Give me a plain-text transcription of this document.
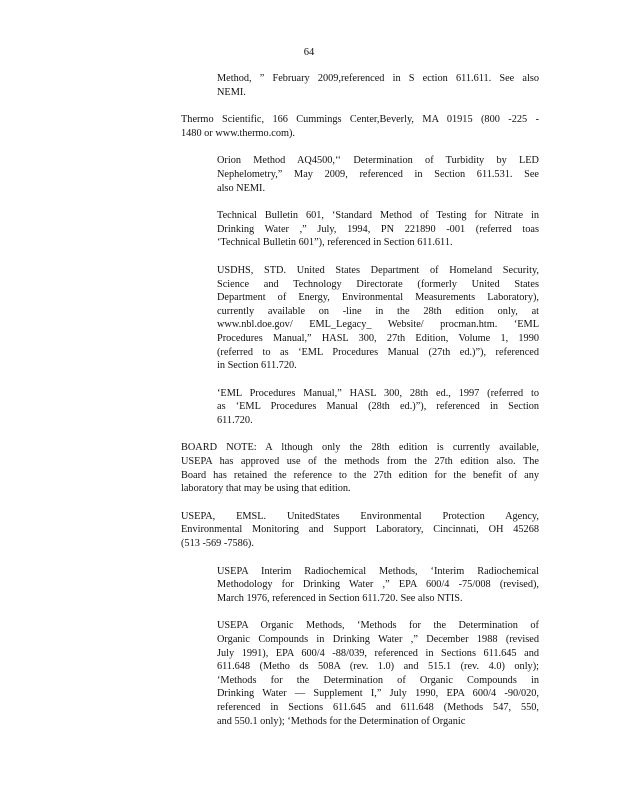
64
Method, ” February 2009,referenced in S ection 611.611. See also
NEMI.
Thermo Scientific, 166 Cummings Center,Beverly, MA 01915 (800 -225 -
1480 or www.thermo.com).
Orion Method AQ4500,‘‘ Determination of Turbidity by LED
Nephelometry,” May 2009, referenced in Section 611.531. See
also NEMI.
Technical Bulletin 601, ‘Standard Method of Testing for Nitrate in
Drinking Water ,” July, 1994, PN 221890 -001 (referred toas
‘Technical Bulletin 601”), referenced in Section 611.611.
USDHS, STD. United States Department of Homeland Security,
Science and Technology Directorate (formerly United States
Department of Energy, Environmental Measurements Laboratory),
currently available on -line in the 28th edition only, at
www.nbl.doe.gov/ EML_Legacy_ Website/ procman.htm. ‘EML
Procedures Manual,” HASL 300, 27th Edition, Volume 1, 1990
(referred to as ‘EML Procedures Manual (27th ed.)”), referenced
in Section 611.720.
‘EML Procedures Manual,” HASL 300, 28th ed., 1997 (referred to
as ‘EML Procedures Manual (28th ed.)”), referenced in Section
611.720.
BOARD NOTE: A lthough only the 28th edition is currently available,
USEPA has approved use of the methods from the 27th edition also. The
Board has retained the reference to the 27th edition for the benefit of any
laboratory that may be using that edition.
USEPA, EMSL. UnitedStates Environmental Protection Agency,
Environmental Monitoring and Support Laboratory, Cincinnati, OH 45268
(513 -569 -7586).
USEPA Interim Radiochemical Methods, ‘Interim Radiochemical
Methodology for Drinking Water ,” EPA 600/4 -75/008 (revised),
March 1976, referenced in Section 611.720. See also NTIS.
USEPA Organic Methods, ‘Methods for the Determination of
Organic Compounds in Drinking Water ,” December 1988 (revised
July 1991), EPA 600/4 -88/039, referenced in Sections 611.645 and
611.648 (Metho ds 508A (rev. 1.0) and 515.1 (rev. 4.0) only);
‘Methods for the Determination of Organic Compounds in
Drinking Water — Supplement I,” July 1990, EPA 600/4 -90/020,
referenced in Sections 611.645 and 611.648 (Methods 547, 550,
and 550.1 only); ‘Methods for the Determination of Organic
